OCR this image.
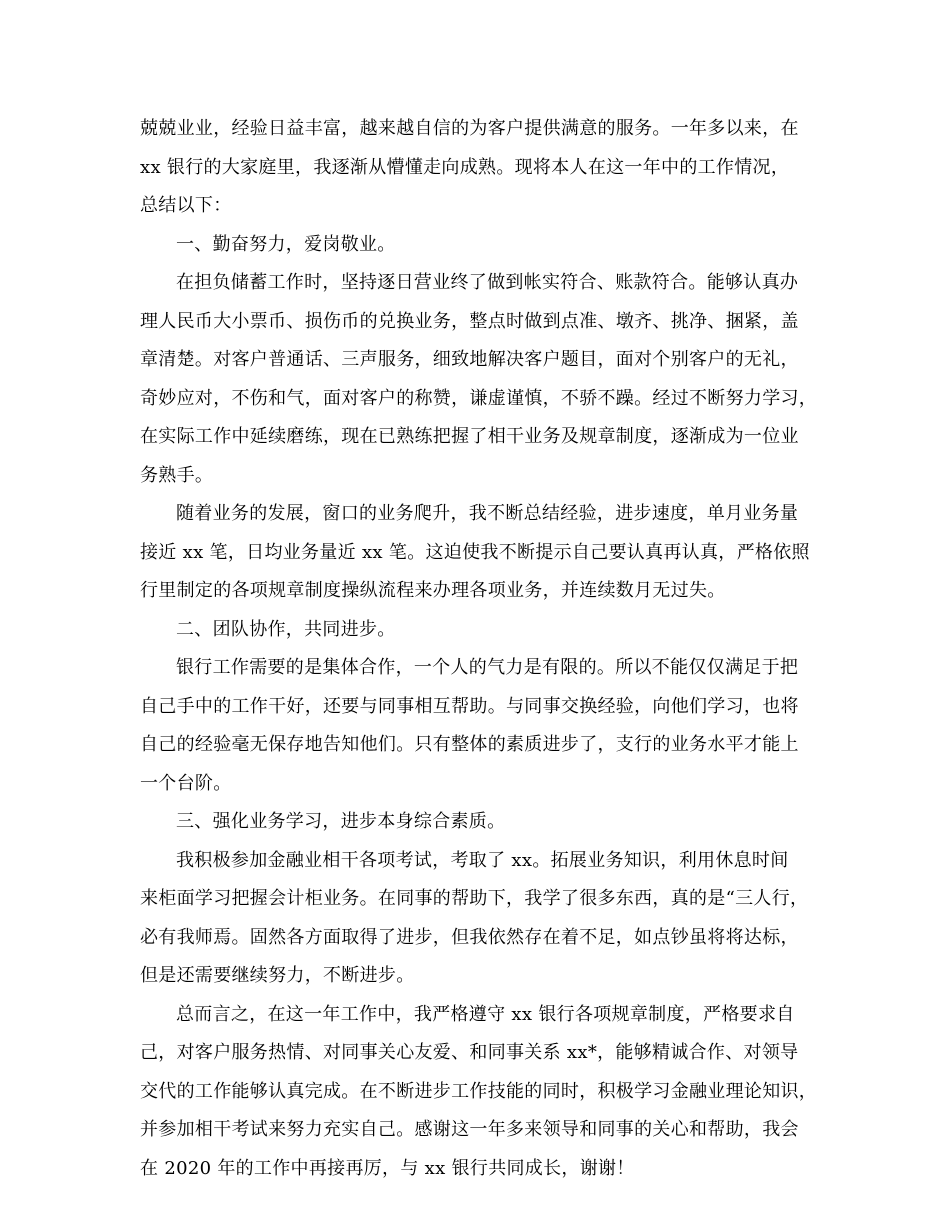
兢兢业业，经验日益丰富，越来越自信的为客户提供满意的服务。一年多以来，在
xx 银行的大家庭里，我逐渐从懵懂走向成熟。现将本人在这一年中的工作情况，
总结以下：
一、勤奋努力，爱岗敬业。
在担负储蓄工作时，坚持逐日营业终了做到帐实符合、账款符合。能够认真办
理人民币大小票币、损伤币的兑换业务，整点时做到点准、墩齐、挑净、捆紧，盖
章清楚。对客户普通话、三声服务，细致地解决客户题目，面对个别客户的无礼，
奇妙应对，不伤和气，面对客户的称赞，谦虚谨慎，不骄不躁。经过不断努力学习，
在实际工作中延续磨练，现在已熟练把握了相干业务及规章制度，逐渐成为一位业
务熟手。
随着业务的发展，窗口的业务爬升，我不断总结经验，进步速度，单月业务量
接近 xx 笔，日均业务量近 xx 笔。这迫使我不断提示自己要认真再认真，严格依照
行里制定的各项规章制度操纵流程来办理各项业务，并连续数月无过失。
二、团队协作，共同进步。
银行工作需要的是集体合作，一个人的气力是有限的。所以不能仅仅满足于把
自己手中的工作干好，还要与同事相互帮助。与同事交换经验，向他们学习，也将
自己的经验毫无保存地告知他们。只有整体的素质进步了，支行的业务水平才能上
一个台阶。
三、强化业务学习，进步本身综合素质。
我积极参加金融业相干各项考试，考取了 xx。拓展业务知识，利用休息时间
来柜面学习把握会计柜业务。在同事的帮助下，我学了很多东西，真的是“三人行，
必有我师焉。固然各方面取得了进步，但我依然存在着不足，如点钞虽将将达标，
但是还需要继续努力，不断进步。
总而言之，在这一年工作中，我严格遵守 xx 银行各项规章制度，严格要求自
己，对客户服务热情、对同事关心友爱、和同事关系 xx*，能够精诚合作、对领导
交代的工作能够认真完成。在不断进步工作技能的同时，积极学习金融业理论知识，
并参加相干考试来努力充实自己。感谢这一年多来领导和同事的关心和帮助，我会
在 2020 年的工作中再接再厉，与 xx 银行共同成长，谢谢！
